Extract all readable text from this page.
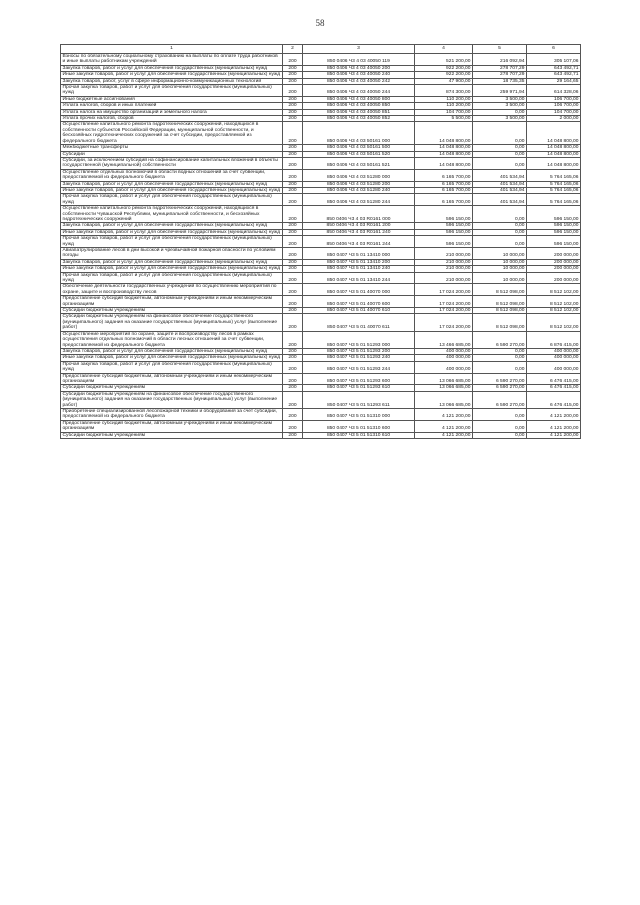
58
1	2	3	4	5	6
Взносы по обязательному социальному страхованию на выплаты по оплате труда работников и иные выплаты работникам учреждений	200	850 0406 Ч3 4 03 40050 119	521 200,00	216 092,94	305 107,06
Закупка товаров, работ и услуг для обеспечения государственных (муниципальных) нужд	200	850 0406 Ч3 4 03 40050 200	922 200,00	278 707,29	643 492,71
Иные закупки товаров, работ и услуг для обеспечения государственных (муниципальных) нужд	200	850 0406 Ч3 4 03 40050 240	922 200,00	278 707,29	643 492,71
Закупка товаров, работ, услуг в сфере информационно-коммуникационных технологий	200	850 0406 Ч3 4 03 40050 242	47 900,00	18 735,35	29 164,65
Прочая закупка товаров, работ и услуг для обеспечения государственных (муниципальных) нужд	200	850 0406 Ч3 4 03 40050 244	874 300,00	259 971,94	614 328,06
Иные бюджетные ассигнования	200	850 0406 Ч3 4 03 40050 800	110 200,00	3 500,00	106 700,00
Уплата налогов, сборов и иных платежей	200	850 0406 Ч3 4 03 40050 850	110 200,00	3 500,00	106 700,00
Уплата налога на имущество организаций и земельного налога	200	850 0406 Ч3 4 03 40050 851	104 700,00	0,00	104 700,00
Уплата прочих налогов, сборов	200	850 0406 Ч3 4 03 40050 852	5 500,00	3 500,00	2 000,00
Осуществление капитального ремонта гидротехнических сооружений, находящихся в собственности субъектов Российской Федерации, муниципальной собственности, и бесхозяйных гидротехнических сооружений за счет субсидии, предоставляемой из федерального бюджета	200	850 0406 Ч3 4 03 50161 000	14 048 800,00	0,00	14 048 800,00
Межбюджетные трансферты	200	850 0406 Ч3 4 03 50161 500	14 048 800,00	0,00	14 048 800,00
Субсидии	200	850 0406 Ч3 4 03 50161 520	14 048 800,00	0,00	14 048 800,00
Субсидии, за исключением субсидий на софинансирование капитальных вложений в объекты государственной (муниципальной) собственности	200	850 0406 Ч3 4 03 50161 521	14 048 800,00	0,00	14 048 800,00
Осуществление отдельных полномочий в области водных отношений за счет субвенции, предоставляемой из федерального бюджета	200	850 0406 Ч3 4 03 51280 000	6 165 700,00	401 534,94	5 764 165,06
Закупка товаров, работ и услуг для обеспечения государственных (муниципальных) нужд	200	850 0406 Ч3 4 03 51280 200	6 165 700,00	401 534,94	5 764 165,06
Иные закупки товаров, работ и услуг для обеспечения государственных (муниципальных) нужд	200	850 0406 Ч3 4 03 51280 240	6 165 700,00	401 534,94	5 764 165,06
Прочая закупка товаров, работ и услуг для обеспечения государственных (муниципальных) нужд	200	850 0406 Ч3 4 03 51280 244	6 165 700,00	401 534,94	5 764 165,06
Осуществление капитального ремонта гидротехнических сооружений, находящихся в собственности Чувашской Республики, муниципальной собственности, и бесхозяйных гидротехнических сооружений	200	850 0406 Ч3 4 03 R0161 000	596 150,00	0,00	596 150,00
Закупка товаров, работ и услуг для обеспечения государственных (муниципальных) нужд	200	850 0406 Ч3 4 03 R0161 200	596 150,00	0,00	596 150,00
Иные закупки товаров, работ и услуг для обеспечения государственных (муниципальных) нужд	200	850 0406 Ч3 4 03 R0161 240	596 150,00	0,00	596 150,00
Прочая закупка товаров, работ и услуг для обеспечения государственных (муниципальных) нужд	200	850 0406 Ч3 4 03 R0161 244	596 150,00	0,00	596 150,00
Авиапатрулирование лесов в дни высокой и чрезвычайной пожарной опасности по условиям погоды	200	850 0407 Ч3 5 01 13410 000	210 000,00	10 000,00	200 000,00
Закупка товаров, работ и услуг для обеспечения государственных (муниципальных) нужд	200	850 0407 Ч3 5 01 13410 200	210 000,00	10 000,00	200 000,00
Иные закупки товаров, работ и услуг для обеспечения государственных (муниципальных) нужд	200	850 0407 Ч3 5 01 13410 240	210 000,00	10 000,00	200 000,00
Прочая закупка товаров, работ и услуг для обеспечения государственных (муниципальных) нужд	200	850 0407 Ч3 5 01 13410 244	210 000,00	10 000,00	200 000,00
Обеспечение деятельности государственных учреждений по осуществлению мероприятий по охране, защите и воспроизводству лесов	200	850 0407 Ч3 5 01 40070 000	17 024 200,00	8 512 098,00	8 512 102,00
Предоставление субсидий бюджетным, автономным учреждениям и иным некоммерческим организациям	200	850 0407 Ч3 5 01 40070 600	17 024 200,00	8 512 098,00	8 512 102,00
Субсидии бюджетным учреждениям	200	850 0407 Ч3 5 01 40070 610	17 024 200,00	8 512 098,00	8 512 102,00
Субсидии бюджетным учреждениям на финансовое обеспечение государственного (муниципального) задания на оказание государственных (муниципальных) услуг (выполнение работ)	200	850 0407 Ч3 5 01 40070 611	17 024 200,00	8 512 098,00	8 512 102,00
Осуществление мероприятий по охране, защите и воспроизводству лесов в рамках осуществления отдельных полномочий в области лесных отношений за счет субвенции, предоставляемой из федерального бюджета	200	850 0407 Ч3 5 01 51293 000	13 466 685,00	6 590 270,00	6 876 415,00
Закупка товаров, работ и услуг для обеспечения государственных (муниципальных) нужд	200	850 0407 Ч3 5 01 51293 200	400 000,00	0,00	400 000,00
Иные закупки товаров, работ и услуг для обеспечения государственных (муниципальных) нужд	200	850 0407 Ч3 5 01 51293 240	400 000,00	0,00	400 000,00
Прочая закупка товаров, работ и услуг для обеспечения государственных (муниципальных) нужд	200	850 0407 Ч3 5 01 51293 244	400 000,00	0,00	400 000,00
Предоставление субсидий бюджетным, автономным учреждениям и иным некоммерческим организациям	200	850 0407 Ч3 5 01 51293 600	13 066 685,00	6 590 270,00	6 476 415,00
Субсидии бюджетным учреждениям	200	850 0407 Ч3 5 01 51293 610	13 066 685,00	6 590 270,00	6 476 415,00
Субсидии бюджетным учреждениям на финансовое обеспечение государственного (муниципального) задания на оказание государственных (муниципальных) услуг (выполнение работ)	200	850 0407 Ч3 5 01 51293 611	13 066 685,00	6 590 270,00	6 476 415,00
Приобретение специализированной лесопожарной техники и оборудования за счет субсидии, предоставляемой из федерального бюджета	200	850 0407 Ч3 5 01 51310 000	4 121 200,00	0,00	4 121 200,00
Предоставление субсидий бюджетным, автономным учреждениям и иным некоммерческим организациям	200	850 0407 Ч3 5 01 51310 600	4 121 200,00	0,00	4 121 200,00
Субсидии бюджетным учреждениям	200	850 0407 Ч3 5 01 51310 610	4 121 200,00	0,00	4 121 200,00
